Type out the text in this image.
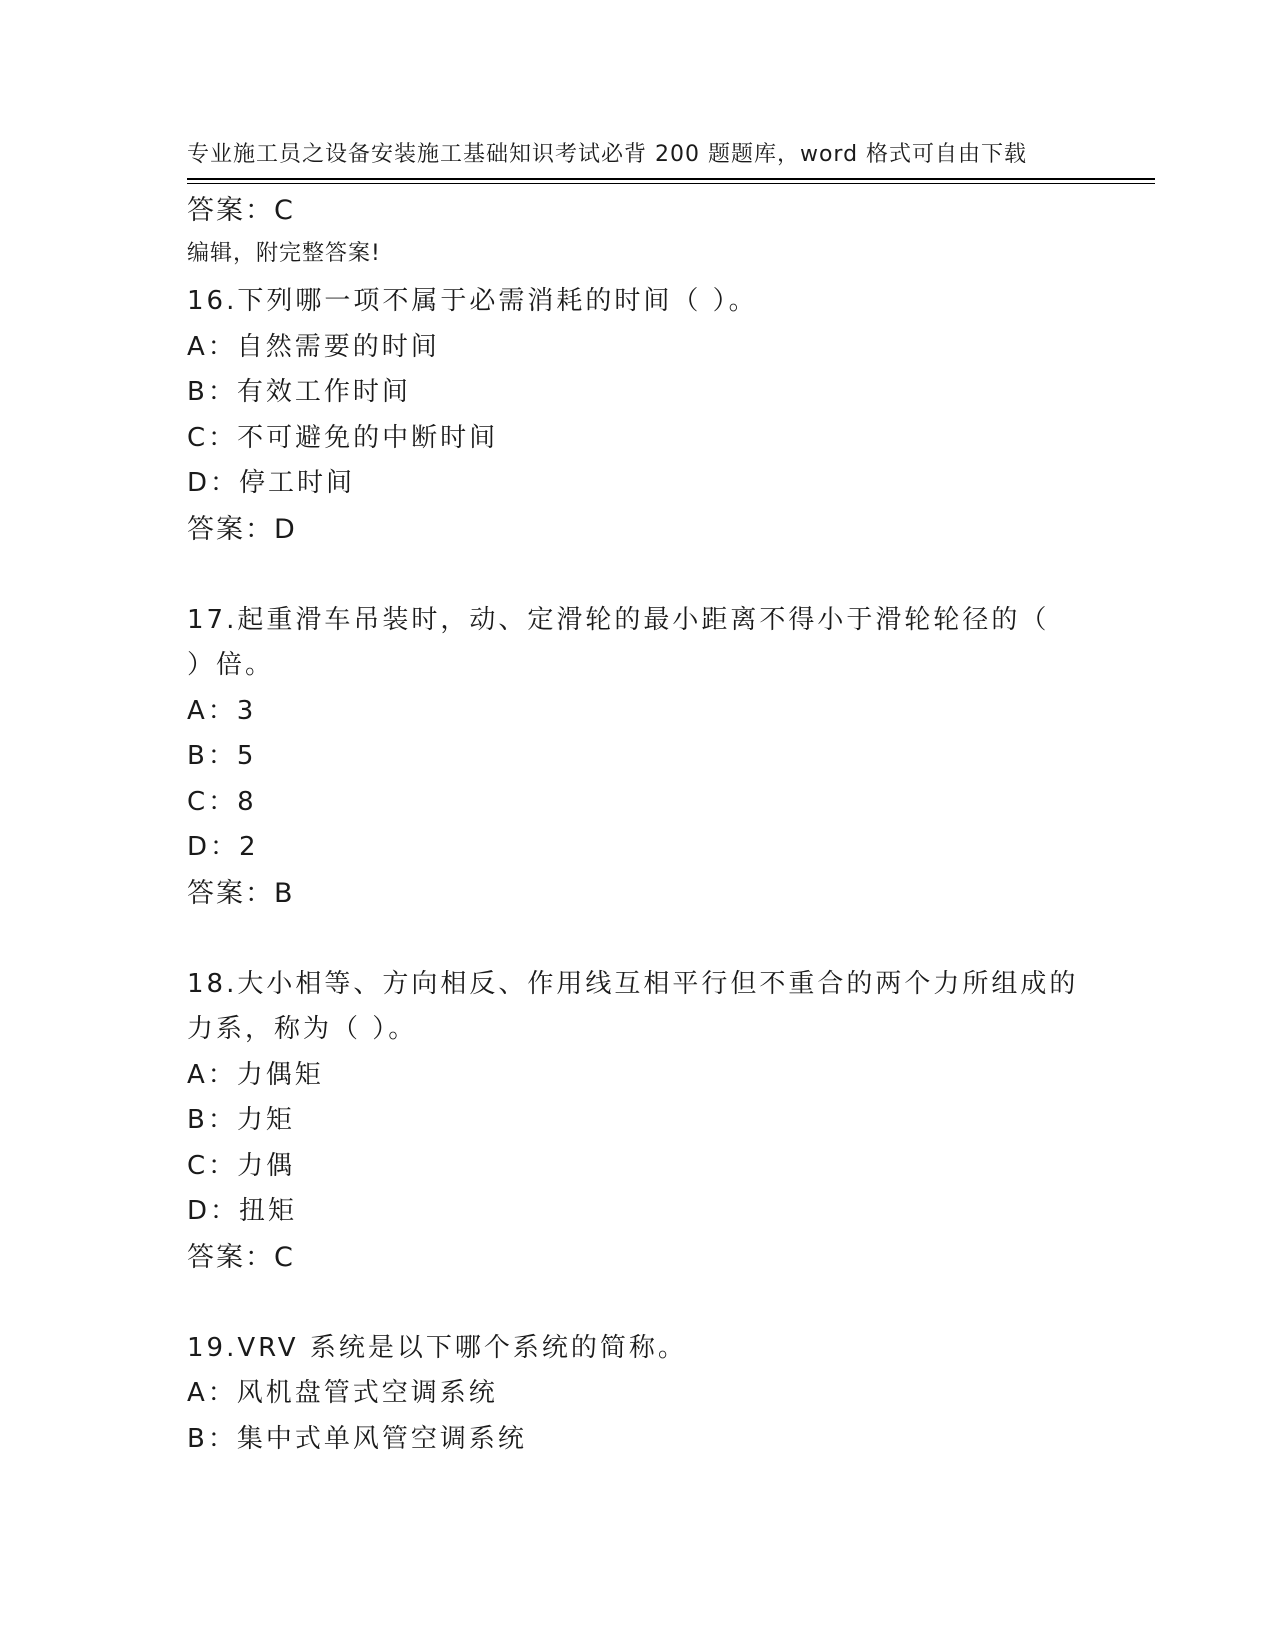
专业施工员之设备安装施工基础知识考试必背 200 题题库，word 格式可自由下载

编辑，附完整答案!

答案：C
16.下列哪一项不属于必需消耗的时间（ ）。
A：自然需要的时间
B：有效工作时间
C：不可避免的中断时间
D：停工时间
答案：D
17.起重滑车吊装时，动、定滑轮的最小距离不得小于滑轮轮径的（
）倍。
A：3
B：5
C：8
D：2
答案：B
18.大小相等、方向相反、作用线互相平行但不重合的两个力所组成的
力系，称为（ ）。
A：力偶矩
B：力矩
C：力偶
D：扭矩
答案：C
19.VRV 系统是以下哪个系统的简称。
A：风机盘管式空调系统
B：集中式单风管空调系统
